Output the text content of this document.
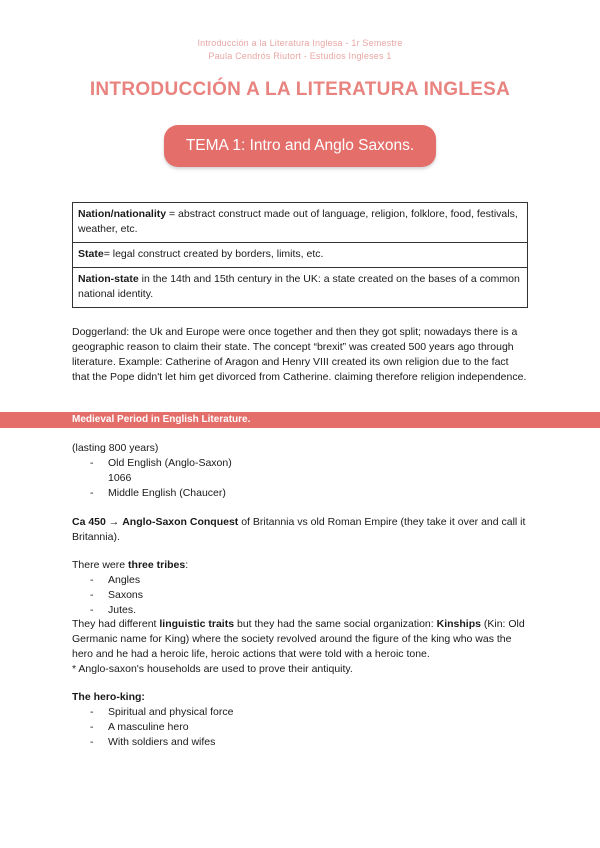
Introducción a la Literatura Inglesa - 1r Semestre
Paula Cendrós Riutort - Estudios Ingleses 1
INTRODUCCIÓN A LA LITERATURA INGLESA
TEMA 1: Intro and Anglo Saxons.
Nation/nationality = abstract construct made out of language, religion, folklore, food, festivals, weather, etc.
State= legal construct created by borders, limits, etc.
Nation-state in the 14th and 15th century in the UK: a state created on the bases of a common national identity.
Doggerland: the Uk and Europe were once together and then they got split; nowadays there is a geographic reason to claim their state. The concept “brexit” was created 500 years ago through literature. Example: Catherine of Aragon and Henry VIII created its own religion due to the fact that the Pope didn't let him get divorced from Catherine. claiming therefore religion independence.
Medieval Period in English Literature.
(lasting 800 years)
- Old English (Anglo-Saxon)
1066
- Middle English (Chaucer)
Ca 450 → Anglo-Saxon Conquest of Britannia vs old Roman Empire (they take it over and call it Britannia).
There were three tribes:
- Angles
- Saxons
- Jutes.
They had different linguistic traits but they had the same social organization: Kinships (Kin: Old Germanic name for King) where the society revolved around the figure of the king who was the hero and he had a heroic life, heroic actions that were told with a heroic tone.
* Anglo-saxon's households are used to prove their antiquity.
The hero-king:
- Spiritual and physical force
- A masculine hero
- With soldiers and wifes
